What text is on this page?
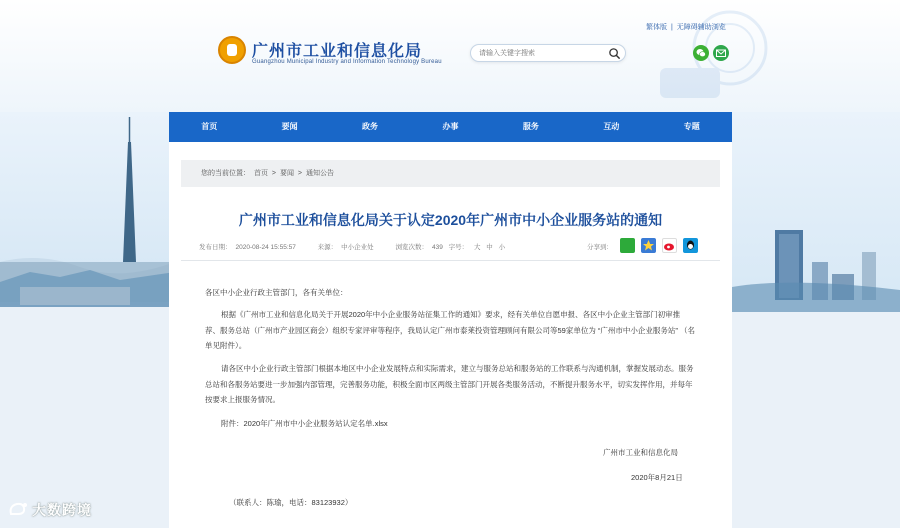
广州市工业和信息化局
Guangzhou Municipal Industry and Information Technology Bureau
请输入关键字搜索
繁体版 | 无障碍辅助浏览
首页	要闻	政务	办事	服务	互动	专题
您的当前位置： 首页 > 要闻 > 通知公告
广州市工业和信息化局关于认定2020年广州市中小企业服务站的通知
发布日期： 2020-08-24 15:55:57	来源： 中小企业处	浏览次数： 439 字号： 大 中 小	分享到:
各区中小企业行政主管部门，各有关单位：
根据《广州市工业和信息化局关于开展2020年中小企业服务站征集工作的通知》要求，经有关单位自愿申报、各区中小企业主管部门初审推荐、服务总站（广州市产业园区商会）组织专家评审等程序，我局认定广州市泰莱投资管理顾问有限公司等59家单位为 “广州市中小企业服务站” （名单见附件）。
请各区中小企业行政主管部门根据本地区中小企业发展特点和实际需求，建立与服务总站和服务站的工作联系与沟通机制，掌握发展动态。服务总站和各服务站要进一步加强内部管理，完善服务功能，积极全面市区两级主管部门开展各类服务活动，不断提升服务水平，切实发挥作用，并每年按要求上报服务情况。
附件：2020年广州市中小企业服务站认定名单.xlsx
广州市工业和信息化局
2020年8月21日
（联系人：陈瑜，电话：83123932）
大数跨境
